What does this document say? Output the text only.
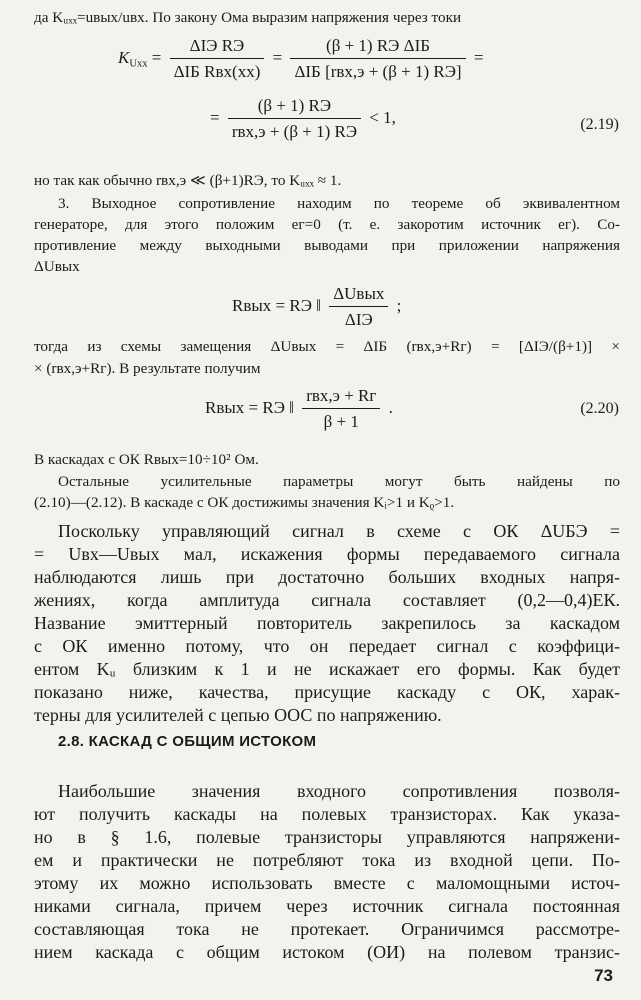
да Kᵤₓₓ=uвых/uвх. По закону Ома выразим напряжения через токи
$K_{Uxx} = \frac{\text{ΔIЭ RЭ}}{\text{ΔIБ Rвх(xx)}} = \frac{\text{(β + 1) RЭ ΔIБ}}{\text{ΔIБ [rвх,э + (β + 1) RЭ]}}$ =
= $\frac{(\beta + 1) RЭ}{\text{rвх,э + (β + 1) RЭ}} < 1$,	(2.19)
но так как обычно rвх,э ≪ (β+1)RЭ, то Kᵤₓₓ ≈ 1.
3. Выходное сопротивление находим по теореме об эквивалентном
генераторе, для этого положим eг=0 (т. е. закоротим источник eг). Со-
противление между выходными выводами при приложении напряжения
ΔUвых
Rвых = RЭ ‖ $\frac{\text{ΔUвых}}{\text{ΔIЭ}}$ ;
тогда из схемы замещения ΔUвых = ΔIБ (rвх,э+Rг) = [ΔIЭ/(β+1)] ×
× (rвх,э+Rг). В результате получим
Rвых = RЭ ‖ $\frac{\text{rвх,э + Rг}}{\beta + 1}$ .	(2.20)
В каскадах с ОК Rвых=10÷10² Ом.
Остальные усилительные параметры могут быть найдены по
(2.10)—(2.12). В каскаде с ОК достижимы значения Kᵢ>1 и Kᵨ>1.
Поскольку управляющий сигнал в схеме с ОК ΔUБЭ =
= Uвх—Uвых мал, искажения формы передаваемого сигнала
наблюдаются лишь при достаточно больших входных напря-
жениях, когда амплитуда сигнала составляет (0,2—0,4)EК.
Название эмиттерный повторитель закрепилось за каскадом
с ОК именно потому, что он передает сигнал с коэффици-
ентом Kᵤ близким к 1 и не искажает его формы. Как будет
показано ниже, качества, присущие каскаду с ОК, харак-
терны для усилителей с цепью ООС по напряжению.
2.8. КАСКАД С ОБЩИМ ИСТОКОМ
Наибольшие значения входного сопротивления позволя-
ют получить каскады на полевых транзисторах. Как указа-
но в § 1.6, полевые транзисторы управляются напряжени-
ем и практически не потребляют тока из входной цепи. По-
этому их можно использовать вместе с маломощными источ-
никами сигнала, причем через источник сигнала постоянная
составляющая тока не протекает. Ограничимся рассмотре-
нием каскада с общим истоком (ОИ) на полевом транзис-
73
